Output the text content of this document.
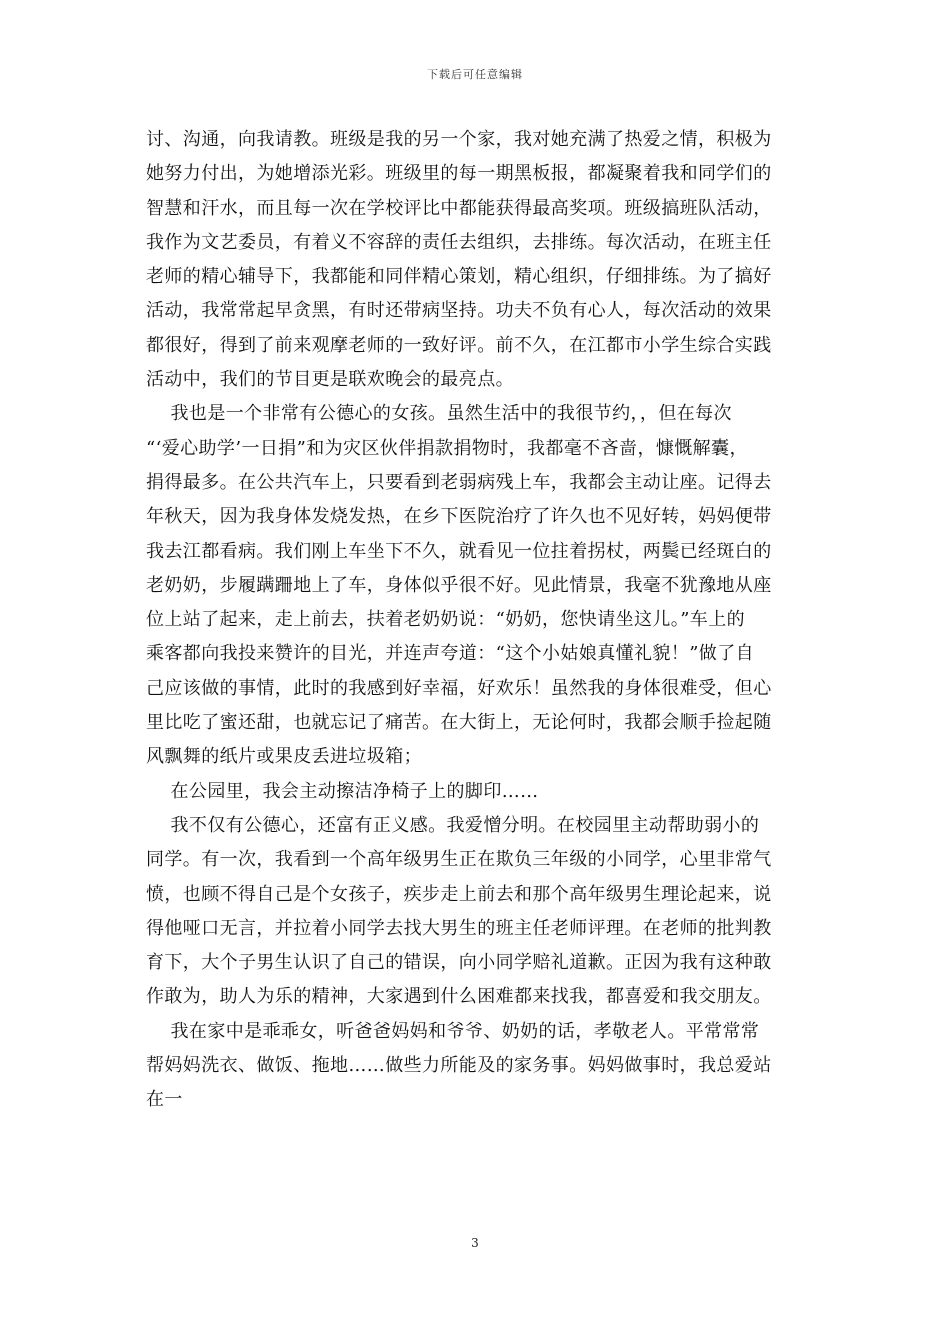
下载后可任意编辑

讨、沟通，向我请教。班级是我的另一个家，我对她充满了热爱之情，积极为
她努力付出，为她增添光彩。班级里的每一期黑板报，都凝聚着我和同学们的
智慧和汗水，而且每一次在学校评比中都能获得最高奖项。班级搞班队活动，
我作为文艺委员，有着义不容辞的责任去组织，去排练。每次活动，在班主任
老师的精心辅导下，我都能和同伴精心策划，精心组织，仔细排练。为了搞好
活动，我常常起早贪黑，有时还带病坚持。功夫不负有心人，每次活动的效果
都很好，得到了前来观摩老师的一致好评。前不久，在江都市小学生综合实践
活动中，我们的节目更是联欢晚会的最亮点。
　 我也是一个非常有公德心的女孩。虽然生活中的我很节约，，但在每次
“‘爱心助学’一日捐”和为灾区伙伴捐款捐物时，我都毫不吝啬，慷慨解囊，
捐得最多。在公共汽车上，只要看到老弱病残上车，我都会主动让座。记得去
年秋天，因为我身体发烧发热，在乡下医院治疗了许久也不见好转，妈妈便带
我去江都看病。我们刚上车坐下不久，就看见一位拄着拐杖，两鬓已经斑白的
老奶奶，步履蹒跚地上了车，身体似乎很不好。见此情景，我毫不犹豫地从座
位上站了起来，走上前去，扶着老奶奶说：“奶奶，您快请坐这儿。”车上的
乘客都向我投来赞许的目光，并连声夸道：“这个小姑娘真懂礼貌！”做了自
己应该做的事情，此时的我感到好幸福，好欢乐！虽然我的身体很难受，但心
里比吃了蜜还甜，也就忘记了痛苦。在大街上，无论何时，我都会顺手捡起随
风飘舞的纸片或果皮丢进垃圾箱；
　 在公园里，我会主动擦洁净椅子上的脚印……
　 我不仅有公德心，还富有正义感。我爱憎分明。在校园里主动帮助弱小的
同学。有一次，我看到一个高年级男生正在欺负三年级的小同学，心里非常气
愤，也顾不得自己是个女孩子，疾步走上前去和那个高年级男生理论起来，说
得他哑口无言，并拉着小同学去找大男生的班主任老师评理。在老师的批判教
育下，大个子男生认识了自己的错误，向小同学赔礼道歉。正因为我有这种敢
作敢为，助人为乐的精神，大家遇到什么困难都来找我，都喜爱和我交朋友。
　 我在家中是乖乖女，听爸爸妈妈和爷爷、奶奶的话，孝敬老人。平常常常
帮妈妈洗衣、做饭、拖地……做些力所能及的家务事。妈妈做事时，我总爱站
在一

3
